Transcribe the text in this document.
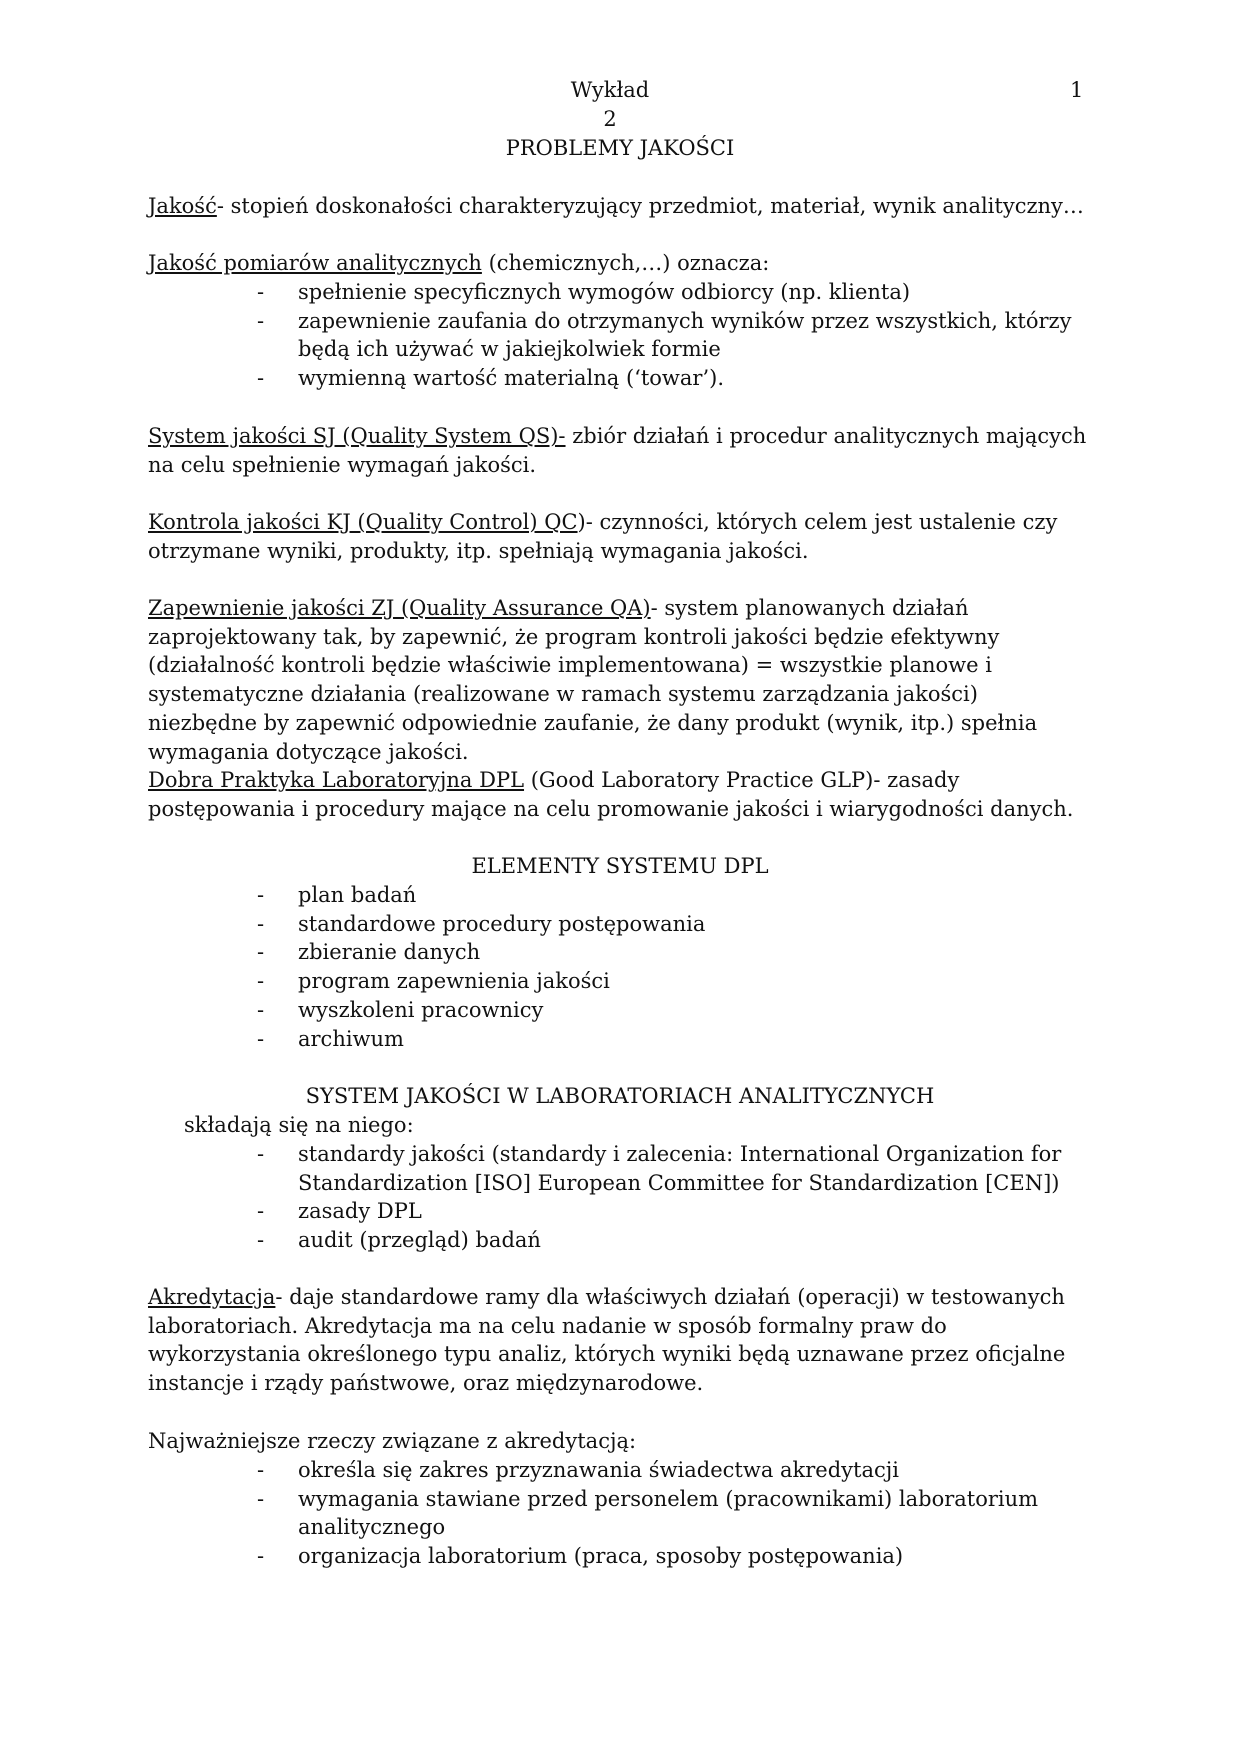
Wykład
2
1
PROBLEMY JAKOŚCI
Jakość- stopień doskonałości charakteryzujący przedmiot, materiał, wynik analityczny…
Jakość pomiarów analitycznych (chemicznych,…) oznacza:
- spełnienie specyficznych wymogów odbiorcy (np. klienta)
- zapewnienie zaufania do otrzymanych wyników przez wszystkich, którzy będą ich używać w jakiejkolwiek formie
- wymienną wartość materialną (‘towar’).
System jakości SJ (Quality System QS)- zbiór działań i procedur analitycznych mających na celu spełnienie wymagań jakości.
Kontrola jakości KJ (Quality Control) QC)- czynności, których celem jest ustalenie czy otrzymane wyniki, produkty, itp. spełniają wymagania jakości.
Zapewnienie jakości ZJ (Quality Assurance QA)- system planowanych działań zaprojektowany tak, by zapewnić, że program kontroli jakości będzie efektywny (działalność kontroli będzie właściwie implementowana) = wszystkie planowe i systematyczne działania (realizowane w ramach systemu zarządzania jakości) niezbędne by zapewnić odpowiednie zaufanie, że dany produkt (wynik, itp.) spełnia wymagania dotyczące jakości.
Dobra Praktyka Laboratoryjna DPL (Good Laboratory Practice GLP)- zasady postępowania i procedury mające na celu promowanie jakości i wiarygodności danych.
ELEMENTY SYSTEMU DPL
- plan badań
- standardowe procedury postępowania
- zbieranie danych
- program zapewnienia jakości
- wyszkoleni pracownicy
- archiwum
SYSTEM JAKOŚCI W LABORATORIACH ANALITYCZNYCH
składają się na niego:
- standardy jakości (standardy i zalecenia: International Organization for Standardization [ISO] European Committee for Standardization [CEN])
- zasady DPL
- audit (przegląd) badań
Akredytacja- daje standardowe ramy dla właściwych działań (operacji) w testowanych laboratoriach. Akredytacja ma na celu nadanie w sposób formalny praw do wykorzystania określonego typu analiz, których wyniki będą uznawane przez oficjalne instancje i rządy państwowe, oraz międzynarodowe.
Najważniejsze rzeczy związane z akredytacją:
- określa się zakres przyznawania świadectwa akredytacji
- wymagania stawiane przed personelem (pracownikami) laboratorium analitycznego
- organizacja laboratorium (praca, sposoby postępowania)
